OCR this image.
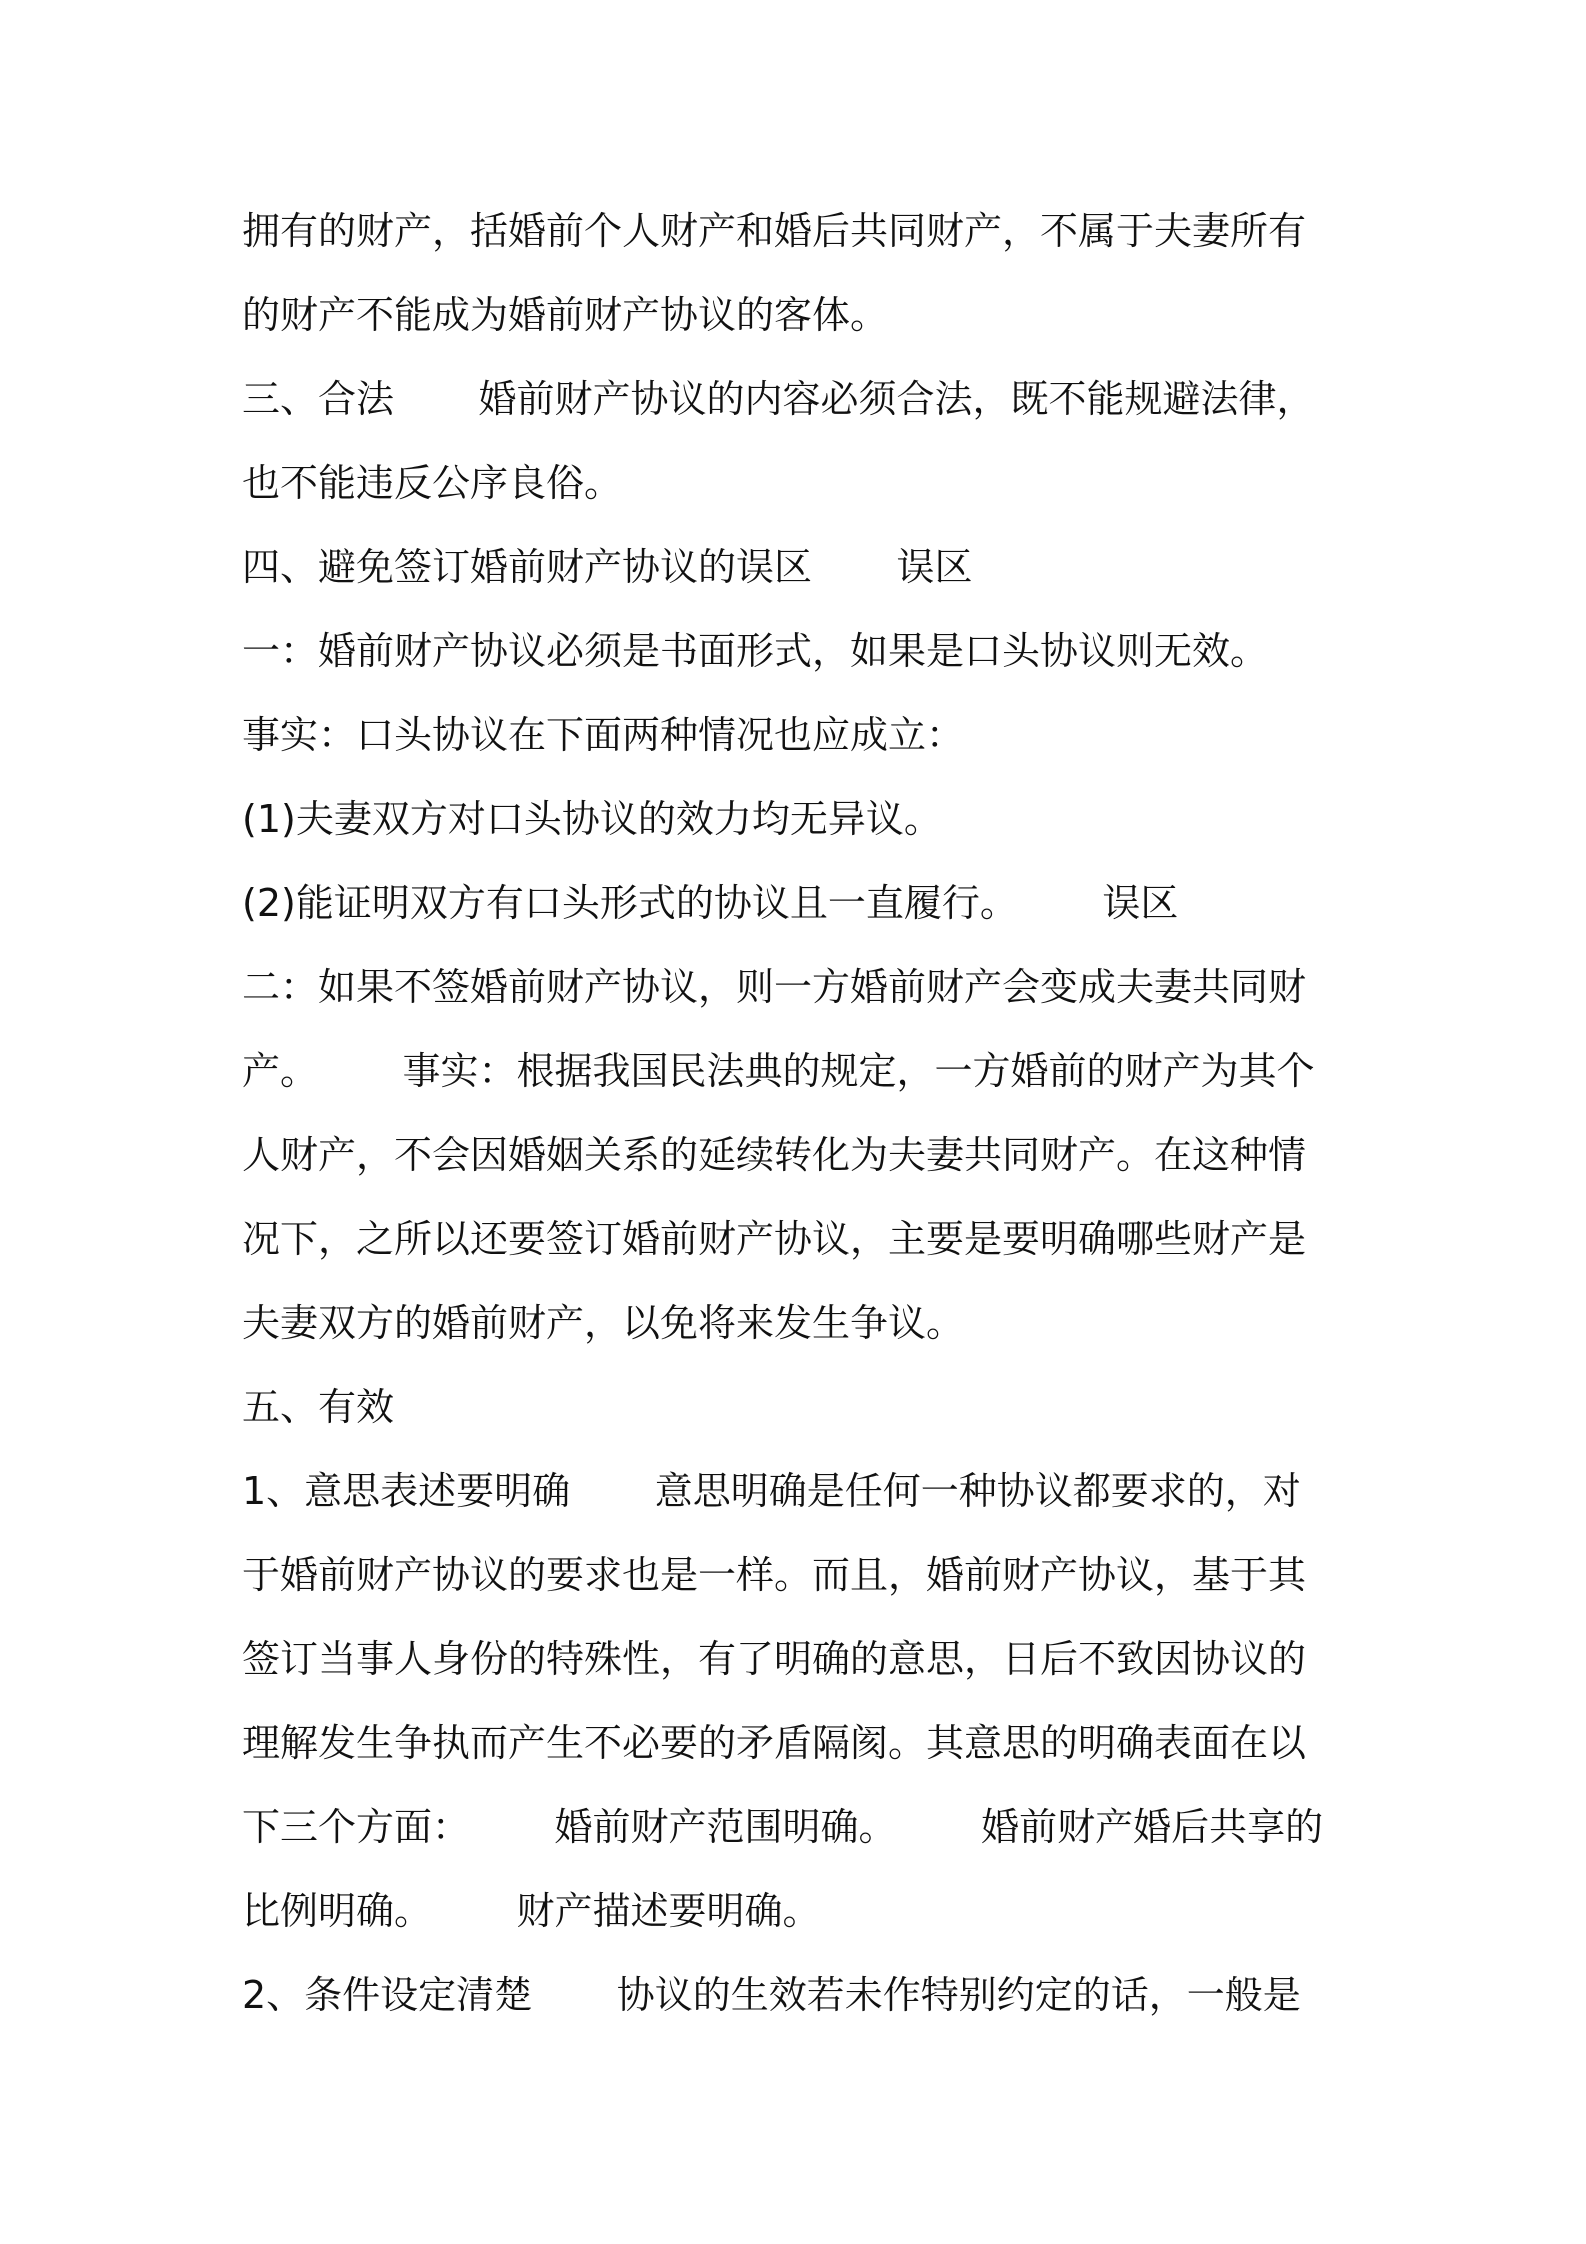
拥有的财产，括婚前个人财产和婚后共同财产，不属于夫妻所有
的财产不能成为婚前财产协议的客体。
三、合法       婚前财产协议的内容必须合法，既不能规避法律，
也不能违反公序良俗。
四、避免签订婚前财产协议的误区       误区
一：婚前财产协议必须是书面形式，如果是口头协议则无效。
事实：口头协议在下面两种情况也应成立：
(1)夫妻双方对口头协议的效力均无异议。
(2)能证明双方有口头形式的协议且一直履行。       误区
二：如果不签婚前财产协议，则一方婚前财产会变成夫妻共同财
产。       事实：根据我国民法典的规定，一方婚前的财产为其个
人财产，不会因婚姻关系的延续转化为夫妻共同财产。在这种情
况下，之所以还要签订婚前财产协议，主要是要明确哪些财产是
夫妻双方的婚前财产，以免将来发生争议。
五、有效
1、意思表述要明确       意思明确是任何一种协议都要求的，对
于婚前财产协议的要求也是一样。而且，婚前财产协议，基于其
签订当事人身份的特殊性，有了明确的意思，日后不致因协议的
理解发生争执而产生不必要的矛盾隔阂。其意思的明确表面在以
下三个方面：       婚前财产范围明确。       婚前财产婚后共享的
比例明确。       财产描述要明确。
2、条件设定清楚       协议的生效若未作特别约定的话，一般是
